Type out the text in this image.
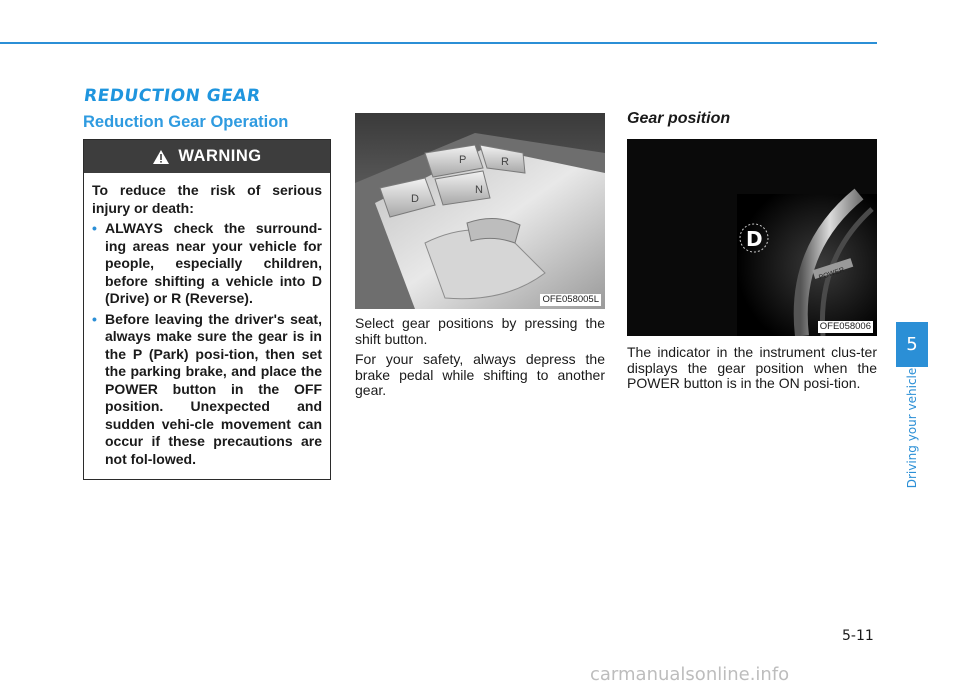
REDUCTION GEAR
Reduction Gear Operation
WARNING

To reduce the risk of serious injury or death:

• ALWAYS check the surround-ing areas near your vehicle for people, especially children, before shifting a vehicle into D (Drive) or R (Reverse).
• Before leaving the driver's seat, always make sure the gear is in the P (Park) posi-tion, then set the parking brake, and place the POWER button in the OFF position. Unexpected and sudden vehi-cle movement can occur if these precautions are not fol-lowed.
P	R
D
N
OFE058005L

Select gear positions by pressing the shift button.

For your safety, always depress the brake pedal while shifting to another gear.

Gear position
POWER
D
OFE058006

The indicator in the instrument clus-ter displays the gear position when the POWER button is in the ON posi-tion.

5
Driving your vehicle
5-11
carmanualsonline.info
